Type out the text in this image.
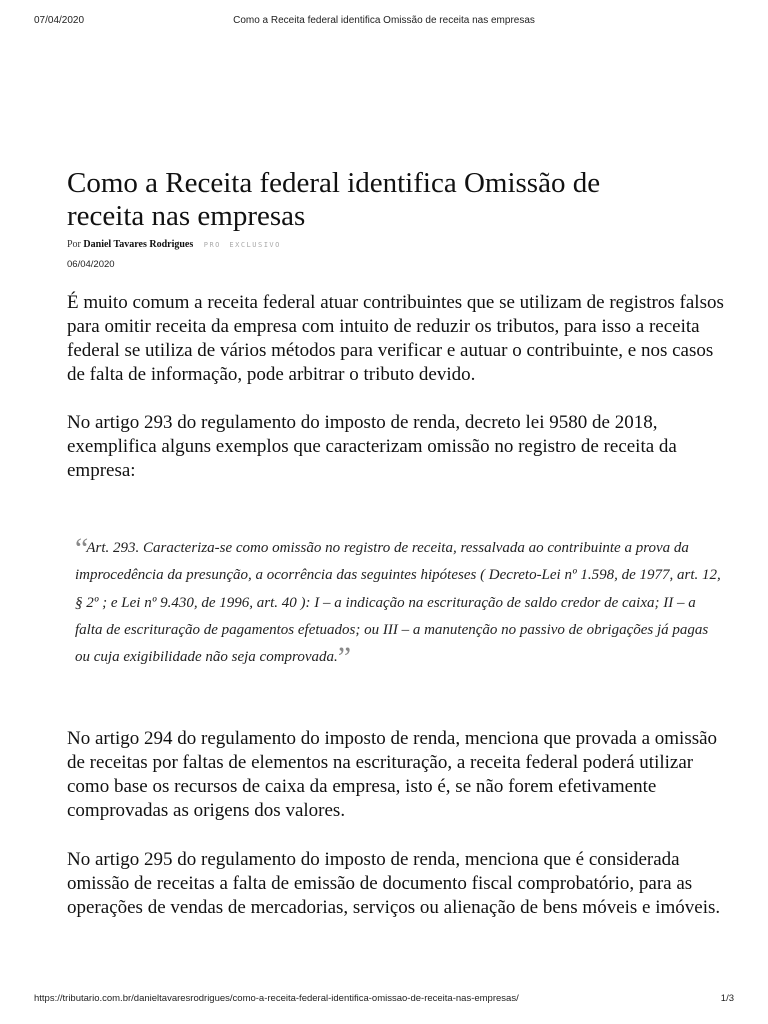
07/04/2020	Como a Receita federal identifica Omissão de receita nas empresas
Como a Receita federal identifica Omissão de receita nas empresas
Por Daniel Tavares Rodrigues PRO EXCLUSIVO
06/04/2020

É muito comum a receita federal atuar contribuintes que se utilizam de registros falsos para omitir receita da empresa com intuito de reduzir os tributos, para isso a receita federal se utiliza de vários métodos para verificar e autuar o contribuinte, e nos casos de falta de informação, pode arbitrar o tributo devido.

No artigo 293 do regulamento do imposto de renda, decreto lei 9580 de 2018, exemplifica alguns exemplos que caracterizam omissão no registro de receita da empresa:

“Art. 293. Caracteriza-se como omissão no registro de receita, ressalvada ao contribuinte a prova da improcedência da presunção, a ocorrência das seguintes hipóteses ( Decreto-Lei nº 1.598, de 1977, art. 12, § 2º ; e Lei nº 9.430, de 1996, art. 40 ): I – a indicação na escrituração de saldo credor de caixa; II – a falta de escrituração de pagamentos efetuados; ou III – a manutenção no passivo de obrigações já pagas ou cuja exigibilidade não seja comprovada.”

No artigo 294 do regulamento do imposto de renda, menciona que provada a omissão de receitas por faltas de elementos na escrituração, a receita federal poderá utilizar como base os recursos de caixa da empresa, isto é, se não forem efetivamente comprovadas as origens dos valores.

No artigo 295 do regulamento do imposto de renda, menciona que é considerada omissão de receitas a falta de emissão de documento fiscal comprobatório, para as operações de vendas de mercadorias, serviços ou alienação de bens móveis e imóveis.

https://tributario.com.br/danieltavaresrodrigues/como-a-receita-federal-identifica-omissao-de-receita-nas-empresas/	1/3
